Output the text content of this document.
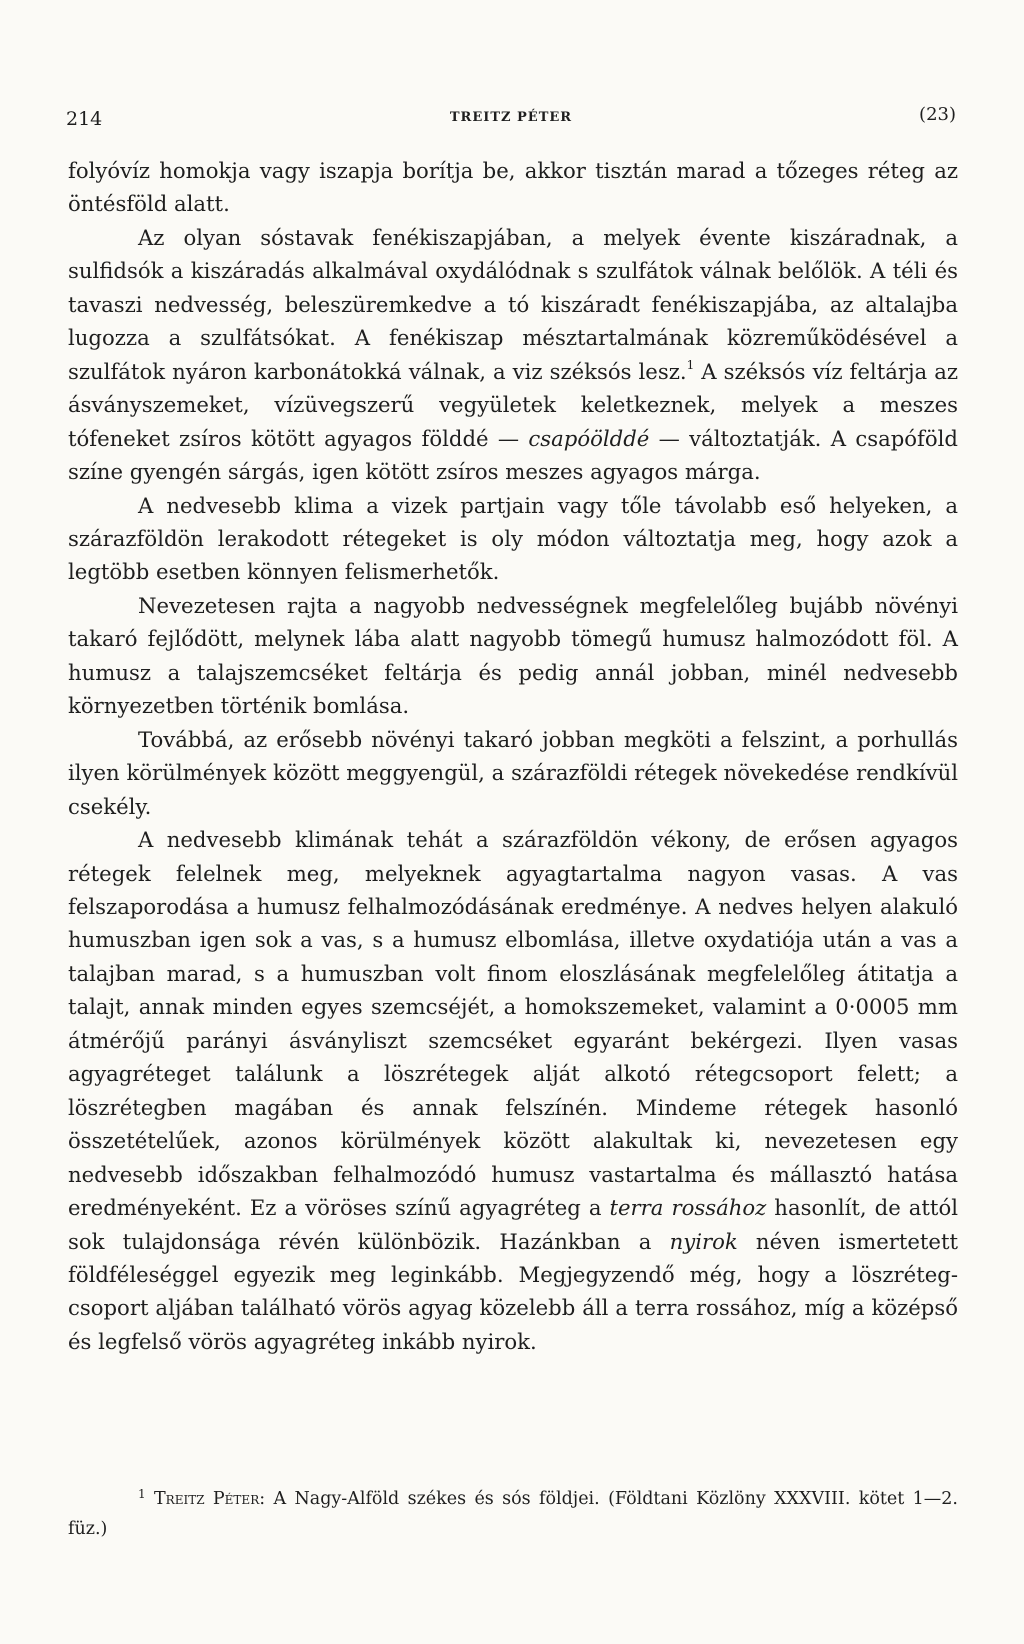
214	TREITZ PÉTER	(23)

folyóvíz homokja vagy iszapja borítja be, akkor tisztán marad a tőzeges réteg az öntésföld alatt.

Az olyan sóstavak fenékiszapjában, a melyek évente kiszáradnak, a sulfidsók a kiszáradás alkalmával oxydálódnak s szulfátok válnak belőlök. A téli és tavaszi nedvesség, beleszüremkedve a tó kiszáradt fenékiszapjába, az altalajba lugozza a szulfátsókat. A fenékiszap mésztartalmának közreműködésével a szulfátok nyáron karbonátokká válnak, a viz széksós lesz.$^1$ A széksós víz feltárja az ásványszemeket, vízüvegszerű vegyületek keletkeznek, melyek a meszes tófeneket zsíros kötött agyagos földdé — csapóölddé — változtatják. A csapóföld színe gyengén sárgás, igen kötött zsíros meszes agyagos márga.

A nedvesebb klima a vizek partjain vagy tőle távolabb eső helyeken, a szárazföldön lerakodott rétegeket is oly módon változtatja meg, hogy azok a legtöbb esetben könnyen felismerhetők.

Nevezetesen rajta a nagyobb nedvességnek megfelelőleg bujább növényi takaró fejlődött, melynek lába alatt nagyobb tömegű humusz halmozódott föl. A humusz a talajszemcséket feltárja és pedig annál jobban, minél nedvesebb környezetben történik bomlása.

Továbbá, az erősebb növényi takaró jobban megköti a felszint, a porhullás ilyen körülmények között meggyengül, a szárazföldi rétegek növekedése rendkívül csekély.

A nedvesebb klimának tehát a szárazföldön vékony, de erősen agyagos rétegek felelnek meg, melyeknek agyagtartalma nagyon vasas. A vas felszaporodása a humusz felhalmozódásának eredménye. A nedves helyen alakuló humuszban igen sok a vas, s a humusz elbomlása, illetve oxydatiója után a vas a talajban marad, s a humuszban volt finom eloszlásának megfelelőleg átitatja a talajt, annak minden egyes szemcséjét, a homokszemeket, valamint a 0·0005 mm átmérőjű parányi ásványliszt szemcséket egyaránt bekérgezi. Ilyen vasas agyagréteget találunk a löszrétegek alját alkotó rétegcsoport felett; a löszrétegben magában és annak felszínén. Mindeme rétegek hasonló összetételűek, azonos körülmények között alakultak ki, nevezetesen egy nedvesebb időszakban felhalmozódó humusz vastartalma és mállasztó hatása eredményeként. Ez a vöröses színű agyagréteg a terra rossához hasonlít, de attól sok tulajdonsága révén különbözik. Hazánkban a nyirok néven ismertetett földféleséggel egyezik meg leginkább. Megjegyzendő még, hogy a löszréteg-csoport aljában található vörös agyag közelebb áll a terra rossához, míg a középső és legfelső vörös agyagréteg inkább nyirok.

$^1$ Treitz Péter: A Nagy-Alföld székes és sós földjei. (Földtani Közlöny XXXVIII. kötet 1—2. füz.)
